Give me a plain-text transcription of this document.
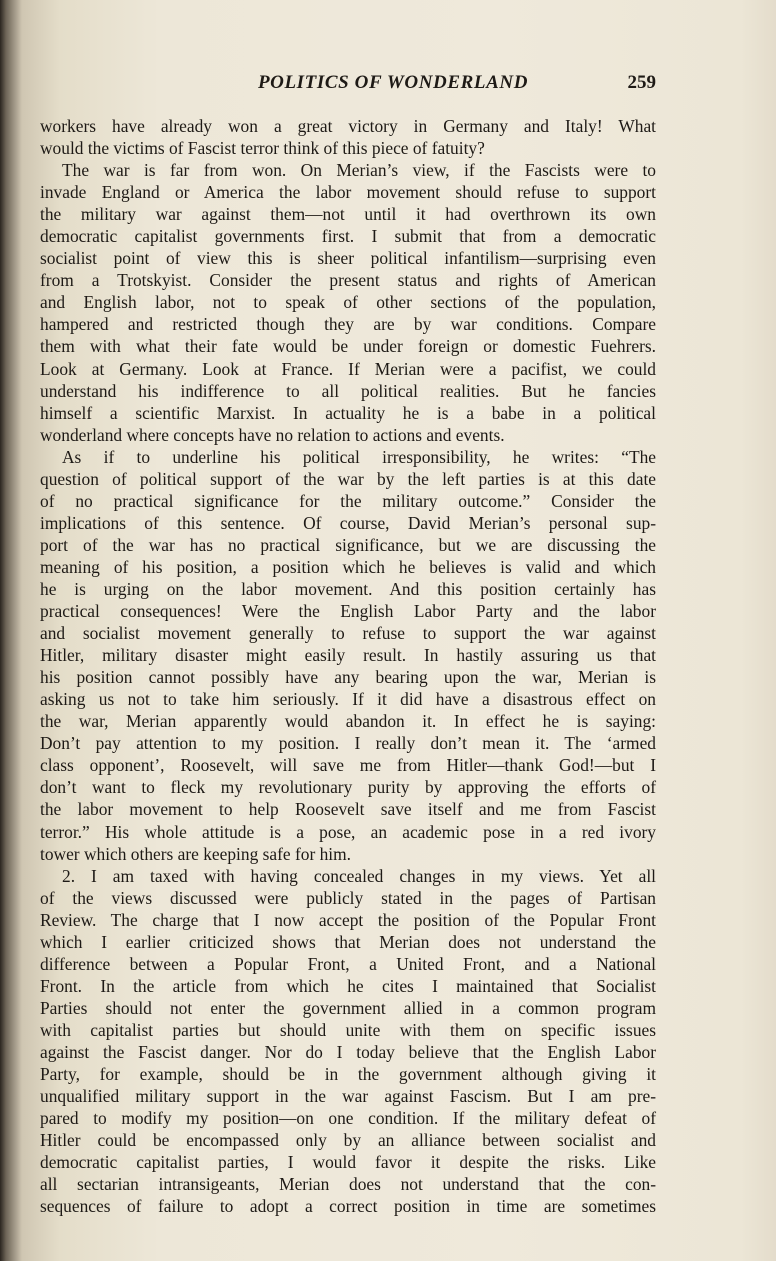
POLITICS OF WONDERLAND	259
workers have already won a great victory in Germany and Italy! What
would the victims of Fascist terror think of this piece of fatuity?
The war is far from won. On Merian’s view, if the Fascists were to
invade England or America the labor movement should refuse to support
the military war against them—not until it had overthrown its own
democratic capitalist governments first. I submit that from a democratic
socialist point of view this is sheer political infantilism—surprising even
from a Trotskyist. Consider the present status and rights of American
and English labor, not to speak of other sections of the population,
hampered and restricted though they are by war conditions. Compare
them with what their fate would be under foreign or domestic Fuehrers.
Look at Germany. Look at France. If Merian were a pacifist, we could
understand his indifference to all political realities. But he fancies
himself a scientific Marxist. In actuality he is a babe in a political
wonderland where concepts have no relation to actions and events.
As if to underline his political irresponsibility, he writes: “The
question of political support of the war by the left parties is at this date
of no practical significance for the military outcome.” Consider the
implications of this sentence. Of course, David Merian’s personal sup-
port of the war has no practical significance, but we are discussing the
meaning of his position, a position which he believes is valid and which
he is urging on the labor movement. And this position certainly has
practical consequences! Were the English Labor Party and the labor
and socialist movement generally to refuse to support the war against
Hitler, military disaster might easily result. In hastily assuring us that
his position cannot possibly have any bearing upon the war, Merian is
asking us not to take him seriously. If it did have a disastrous effect on
the war, Merian apparently would abandon it. In effect he is saying:
Don’t pay attention to my position. I really don’t mean it. The ‘armed
class opponent’, Roosevelt, will save me from Hitler—thank God!—but I
don’t want to fleck my revolutionary purity by approving the efforts of
the labor movement to help Roosevelt save itself and me from Fascist
terror.” His whole attitude is a pose, an academic pose in a red ivory
tower which others are keeping safe for him.
2. I am taxed with having concealed changes in my views. Yet all
of the views discussed were publicly stated in the pages of Partisan
Review. The charge that I now accept the position of the Popular Front
which I earlier criticized shows that Merian does not understand the
difference between a Popular Front, a United Front, and a National
Front. In the article from which he cites I maintained that Socialist
Parties should not enter the government allied in a common program
with capitalist parties but should unite with them on specific issues
against the Fascist danger. Nor do I today believe that the English Labor
Party, for example, should be in the government although giving it
unqualified military support in the war against Fascism. But I am pre-
pared to modify my position—on one condition. If the military defeat of
Hitler could be encompassed only by an alliance between socialist and
democratic capitalist parties, I would favor it despite the risks. Like
all sectarian intransigeants, Merian does not understand that the con-
sequences of failure to adopt a correct position in time are sometimes
